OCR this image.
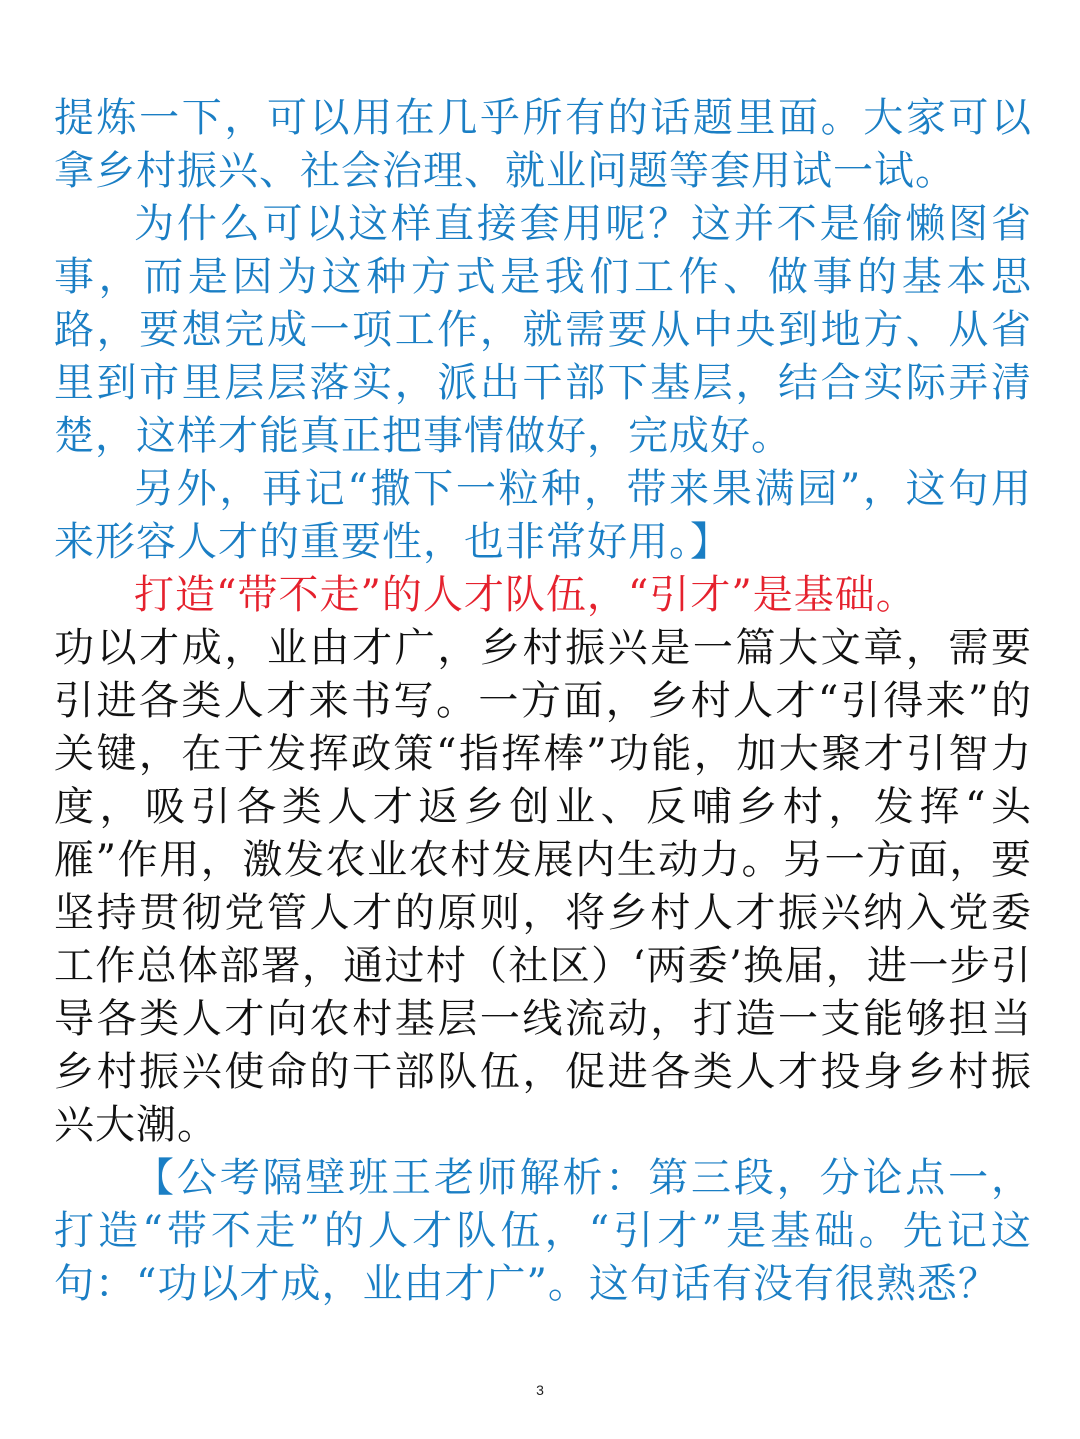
提炼一下，可以用在几乎所有的话题里面。大家可以拿乡村振兴、社会治理、就业问题等套用试一试。

为什么可以这样直接套用呢？这并不是偷懒图省事，而是因为这种方式是我们工作、做事的基本思路，要想完成一项工作，就需要从中央到地方、从省里到市里层层落实，派出干部下基层，结合实际弄清楚，这样才能真正把事情做好，完成好。

另外，再记“撒下一粒种，带来果满园”，这句用来形容人才的重要性，也非常好用。】

打造“带不走”的人才队伍，“引才”是基础。

功以才成，业由才广，乡村振兴是一篇大文章，需要引进各类人才来书写。一方面，乡村人才“引得来”的关键，在于发挥政策“指挥棒”功能，加大聚才引智力度，吸引各类人才返乡创业、反哺乡村，发挥“头雁”作用，激发农业农村发展内生动力。另一方面，要坚持贯彻党管人才的原则，将乡村人才振兴纳入党委工作总体部署，通过村（社区）‘两委’换届，进一步引导各类人才向农村基层一线流动，打造一支能够担当乡村振兴使命的干部队伍，促进各类人才投身乡村振兴大潮。

【公考隔壁班王老师解析：第三段，分论点一，打造“带不走”的人才队伍，“引才”是基础。先记这句：“功以才成，业由才广”。这句话有没有很熟悉？

3
